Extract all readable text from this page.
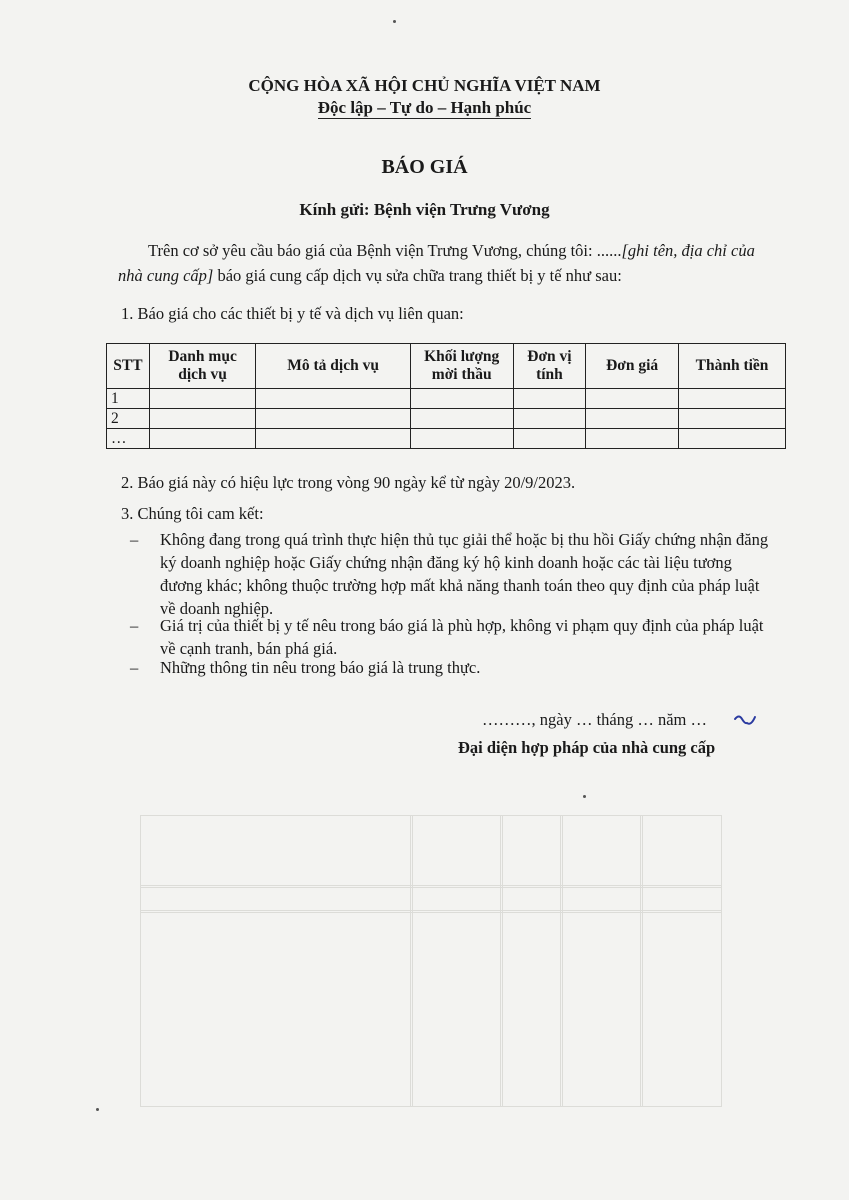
CỘNG HÒA XÃ HỘI CHỦ NGHĨA VIỆT NAM
Độc lập – Tự do – Hạnh phúc
BÁO GIÁ
Kính gửi: Bệnh viện Trưng Vương
Trên cơ sở yêu cầu báo giá của Bệnh viện Trưng Vương, chúng tôi: ......[ghi tên, địa chỉ của nhà cung cấp] báo giá cung cấp dịch vụ sửa chữa trang thiết bị y tế như sau:
1. Báo giá cho các thiết bị y tế và dịch vụ liên quan:
STT	Danh mục dịch vụ	Mô tả dịch vụ	Khối lượng mời thầu	Đơn vị tính	Đơn giá	Thành tiền
1						
2						
…						
2. Báo giá này có hiệu lực trong vòng 90 ngày kể từ ngày 20/9/2023.
3. Chúng tôi cam kết:
– Không đang trong quá trình thực hiện thủ tục giải thể hoặc bị thu hồi Giấy chứng nhận đăng ký doanh nghiệp hoặc Giấy chứng nhận đăng ký hộ kinh doanh hoặc các tài liệu tương đương khác; không thuộc trường hợp mất khả năng thanh toán theo quy định của pháp luật về doanh nghiệp.
– Giá trị của thiết bị y tế nêu trong báo giá là phù hợp, không vi phạm quy định của pháp luật về cạnh tranh, bán phá giá.
– Những thông tin nêu trong báo giá là trung thực.
………, ngày … tháng … năm …
Đại diện hợp pháp của nhà cung cấp
